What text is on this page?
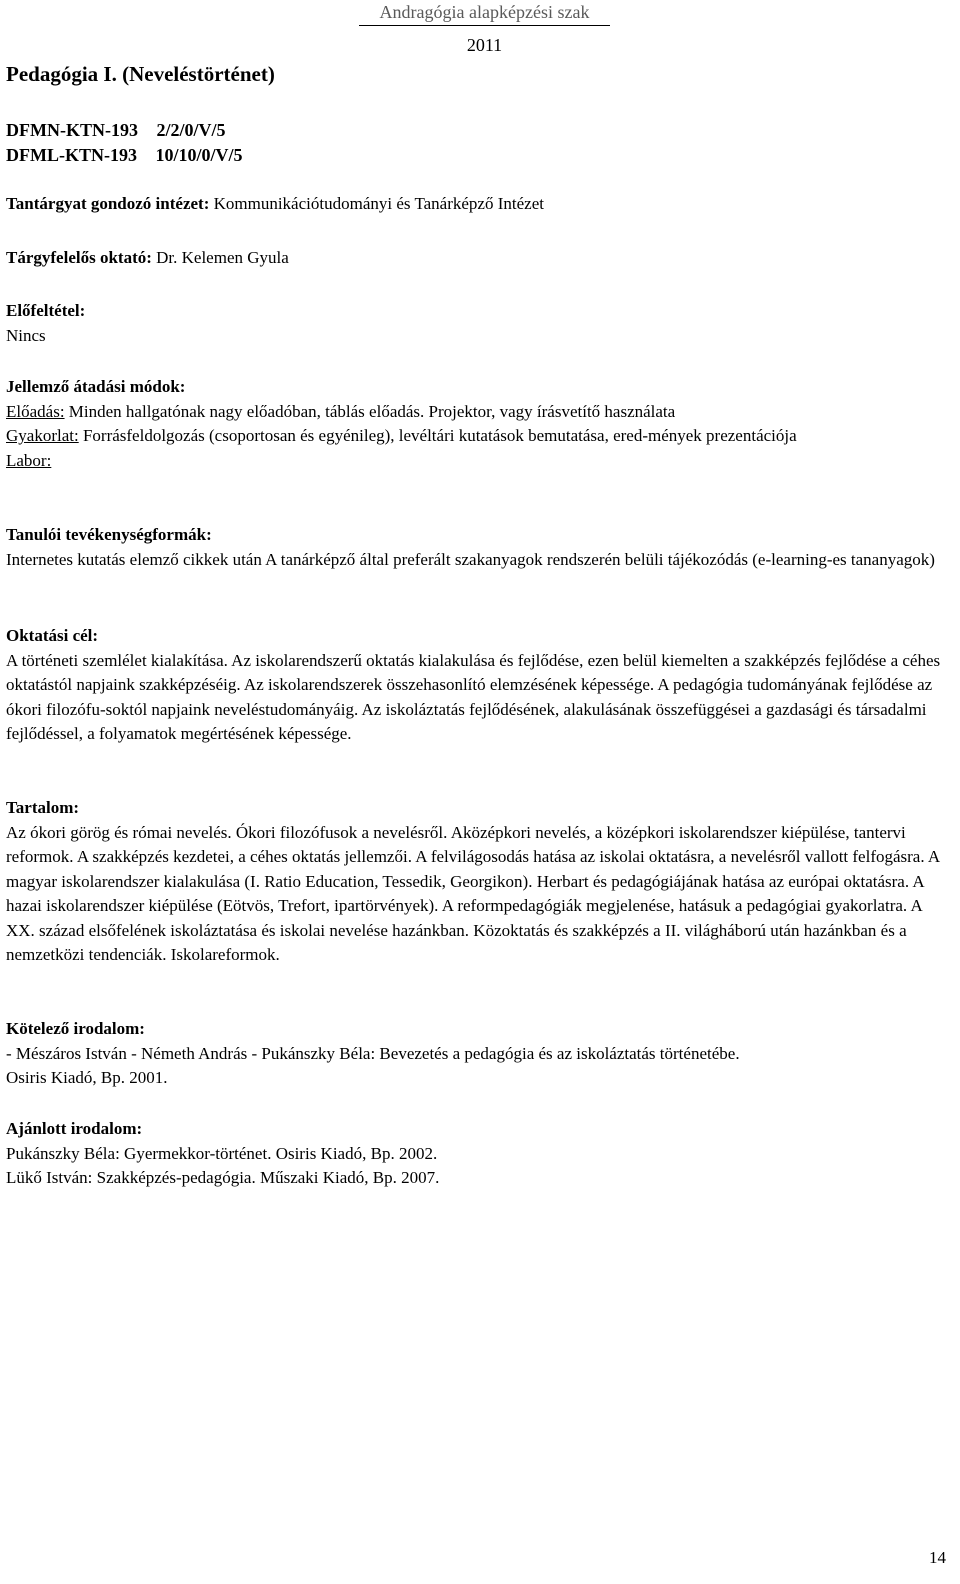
Andragógia alapképzési szak
2011
Pedagógia I. (Neveléstörténet)
DFMN-KTN-193 2/2/0/V/5
DFML-KTN-193 10/10/0/V/5
Tantárgyat gondozó intézet: Kommunikációtudományi és Tanárképző Intézet
Tárgyfelelős oktató: Dr. Kelemen Gyula

Előfeltétel:

Nincs

Jellemző átadási módok:

Előadás: Minden hallgatónak nagy előadóban, táblás előadás. Projektor, vagy írásvetítő használata

Gyakorlat: Forrásfeldolgozás (csoportosan és egyénileg), levéltári kutatások bemutatása, ered-mények prezentációja

Labor:

Tanulói tevékenységformák:

Internetes kutatás elemző cikkek után A tanárképző által preferált szakanyagok rendszerén belüli tájékozódás (e-learning-es tananyagok)

Oktatási cél:

A történeti szemlélet kialakítása. Az iskolarendszerű oktatás kialakulása és fejlődése, ezen belül kiemelten a szakképzés fejlődése a céhes oktatástól napjaink szakképzéséig. Az iskolarendszerek összehasonlító elemzésének képessége. A pedagógia tudományának fejlődése az ókori filozófu-soktól napjaink neveléstudományáig. Az iskoláztatás fejlődésének, alakulásának összefüggései a gazdasági és társadalmi fejlődéssel, a folyamatok megértésének képessége.

Tartalom:

Az ókori görög és római nevelés. Ókori filozófusok a nevelésről. Aközépkori nevelés, a középkori iskolarendszer kiépülése, tantervi reformok. A szakképzés kezdetei, a céhes oktatás jellemzői. A felvilágosodás hatása az iskolai oktatásra, a nevelésről vallott felfogásra. A magyar iskolarendszer kialakulása (I. Ratio Education, Tessedik, Georgikon). Herbart és pedagógiájának hatása az európai oktatásra. A hazai iskolarendszer kiépülése (Eötvös, Trefort, ipartörvények). A reformpedagógiák megjelenése, hatásuk a pedagógiai gyakorlatra. A XX. század elsőfelének iskoláztatása és iskolai nevelése hazánkban. Közoktatás és szakképzés a II. világháború után hazánkban és a nemzetközi tendenciák. Iskolareformok.

Kötelező irodalom:

- Mészáros István - Németh András - Pukánszky Béla: Bevezetés a pedagógia és az iskoláztatás történetébe.

Osiris Kiadó, Bp. 2001.

Ajánlott irodalom:

Pukánszky Béla: Gyermekkor-történet. Osiris Kiadó, Bp. 2002.

Lükő István: Szakképzés-pedagógia. Műszaki Kiadó, Bp. 2007.

14
